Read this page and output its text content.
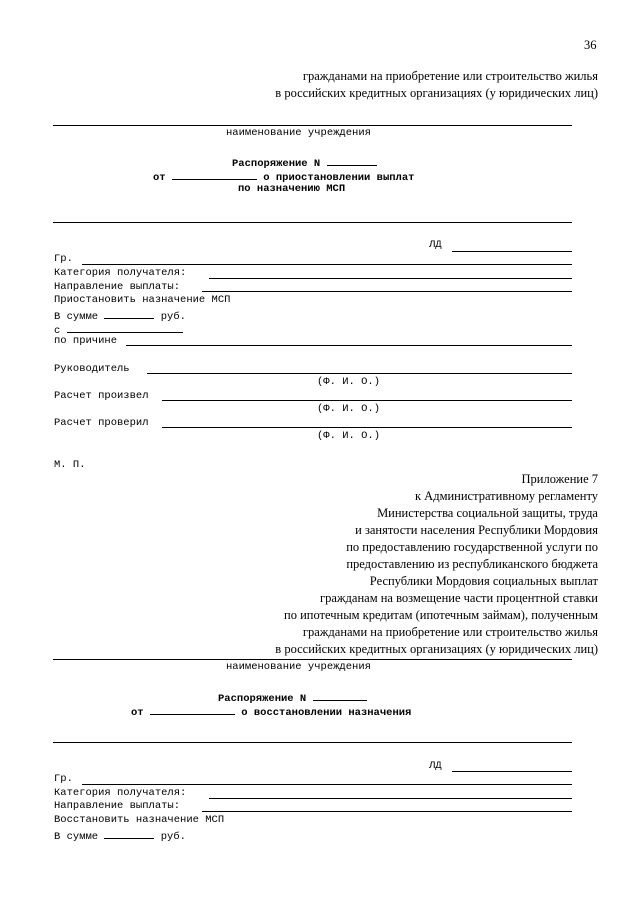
36
гражданами на приобретение или строительство жилья
в российских кредитных организациях (у юридических лиц)
наименование учреждения
Распоряжение N
от	о приостановлении выплат
по назначению МСП
ЛД
Гр.
Категория получателя:
Направление выплаты:
Приостановить назначение МСП
В сумме	руб.
с
по причине
Руководитель
(Ф. И. О.)
Расчет произвел
(Ф. И. О.)
Расчет проверил
(Ф. И. О.)
М. П.
Приложение 7
к Административному регламенту
Министерства социальной защиты, труда
и занятости населения Республики Мордовия
по предоставлению государственной услуги по
предоставлению из республиканского бюджета
Республики Мордовия социальных выплат
гражданам на возмещение части процентной ставки
по ипотечным кредитам (ипотечным займам), полученным
гражданами на приобретение или строительство жилья
в российских кредитных организациях (у юридических лиц)
наименование учреждения
Распоряжение N
от	о восстановлении назначения
ЛД
Гр.
Категория получателя:
Направление выплаты:
Восстановить назначение МСП
В сумме	руб.
